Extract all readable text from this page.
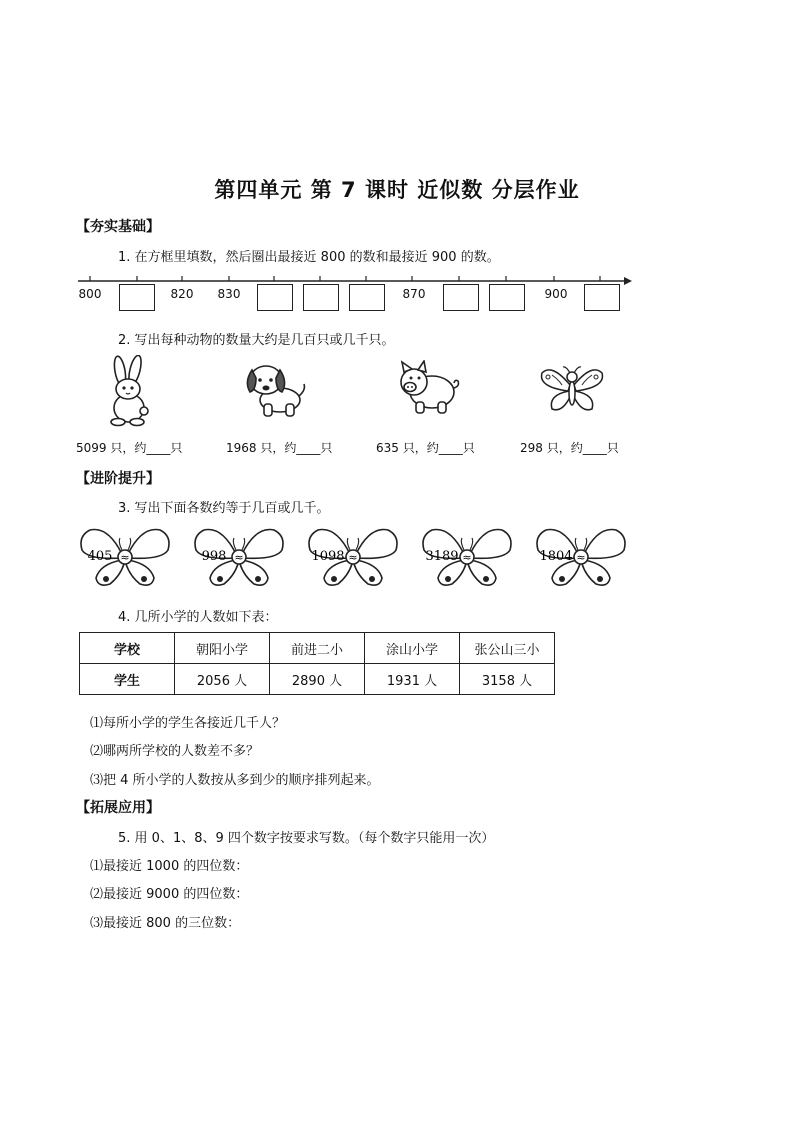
第四单元 第 7 课时 近似数 分层作业
【夯实基础】
1. 在方框里填数，然后圈出最接近 800 的数和最接近 900 的数。
800	820 830	870	900
2. 写出每种动物的数量大约是几百只或几千只。
5099 只，约____只	1968 只，约____只	635 只，约____只	298 只，约____只
【进阶提升】
3. 写出下面各数约等于几百或几千。
405 ≈	998 ≈	1098 ≈	3189 ≈	1804 ≈
4. 几所小学的人数如下表：
学校	朝阳小学	前进二小	涂山小学	张公山三小
学生	2056 人	2890 人	1931 人	3158 人
⑴每所小学的学生各接近几千人？
⑵哪两所学校的人数差不多？
⑶把 4 所小学的人数按从多到少的顺序排列起来。
【拓展应用】
5. 用 0、1、8、9 四个数字按要求写数。（每个数字只能用一次）
⑴最接近 1000 的四位数：
⑵最接近 9000 的四位数：
⑶最接近 800 的三位数：
